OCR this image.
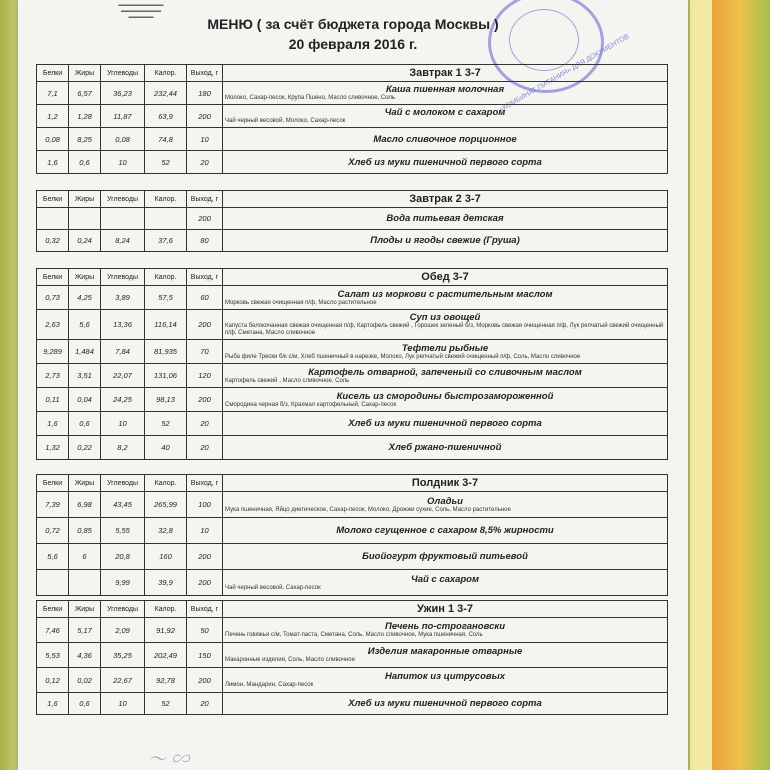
▬▬▬▬▬▬▬▬▬
▬▬▬▬▬▬▬▬
▬▬▬▬▬
«КОМБИНАТ ПИТАНИЯ» ДЛЯ ДОКУМЕНТОВ
МЕНЮ ( за счёт бюджета города Москвы )
20 февраля 2016 г.
Белки	Жиры	Углеводы	Калор.	Выход, г	Завтрак 1 3-7
7,1	6,57	36,23	232,44	180	Каша пшенная молочная
Молоко, Сахар-песок, Крупа Пшено, Масло сливочное, Соль

1,2	1,28	11,87	63,9	200	Чай с молоком с сахаром
Чай черный весовой, Молоко, Сахар-песок

0,08	8,25	0,08	74,8	10	Масло сливочное порционное

1,6	0,6	10	52	20	Хлеб из муки пшеничной первого сорта
Белки	Жиры	Углеводы	Калор.	Выход, г	Завтрак 2 3-7
				200	Вода питьевая детская

0,32	0,24	8,24	37,6	80	Плоды и ягоды свежие (Груша)
Белки	Жиры	Углеводы	Калор.	Выход, г	Обед 3-7
0,73	4,25	3,89	57,5	60	Салат из моркови с растительным маслом
Морковь свежая очищенная п/ф, Масло растительное

2,63	5,6	13,36	116,14	200	Суп из овощей
Капуста белокочанная свежая очищенная п/ф, Картофель свежий , Горошек зеленый б/з, Морковь свежая очищенная п/ф, Лук репчатый свежий очищенный п/ф, Сметана, Масло сливочное

9,289	1,484	7,84	81,935	70	Тефтели рыбные
Рыба филе Трески б/к с/м, Хлеб пшеничный в нарезке, Молоко, Лук репчатый свежий очищенный п/ф, Соль, Масло сливочное

2,73	3,51	22,07	131,06	120	Картофель отварной, запеченый со сливочным маслом
Картофель свежий , Масло сливочное, Соль

0,11	0,04	24,25	98,13	200	Кисель из смородины быстрозамороженной
Смородина черная б/з, Крахмал картофельный, Сахар-песок

1,6	0,6	10	52	20	Хлеб из муки пшеничной первого сорта

1,32	0,22	8,2	40	20	Хлеб ржано-пшеничной
Белки	Жиры	Углеводы	Калор.	Выход, г	Полдник 3-7
7,39	6,98	43,45	265,99	100	Оладьи
Мука пшеничная, Яйцо диетическое, Сахар-песок, Молоко, Дрожжи сухие, Соль, Масло растительное

0,72	0,85	5,55	32,8	10	Молоко сгущенное с сахаром 8,5% жирности

5,6	6	20,8	160	200	Биойогурт фруктовый питьевой

		9,99	39,9	200	Чай с сахаром
Чай черный весовой, Сахар-песок
Белки	Жиры	Углеводы	Калор.	Выход, г	Ужин 1 3-7
7,46	5,17	2,09	91,92	50	Печень по-строгановски
Печень говяжья с/м, Томат-паста, Сметана, Соль, Масло сливочное, Мука пшеничная, Соль

5,53	4,36	35,25	202,49	150	Изделия макаронные отварные
Макаронные изделия, Соль, Масло сливочное

0,12	0,02	22,67	92,78	200	Напиток из цитрусовых
Лимон, Мандарин, Сахар-песок

1,6	0,6	10	52	20	Хлеб из муки пшеничной первого сорта
〜 ∽
